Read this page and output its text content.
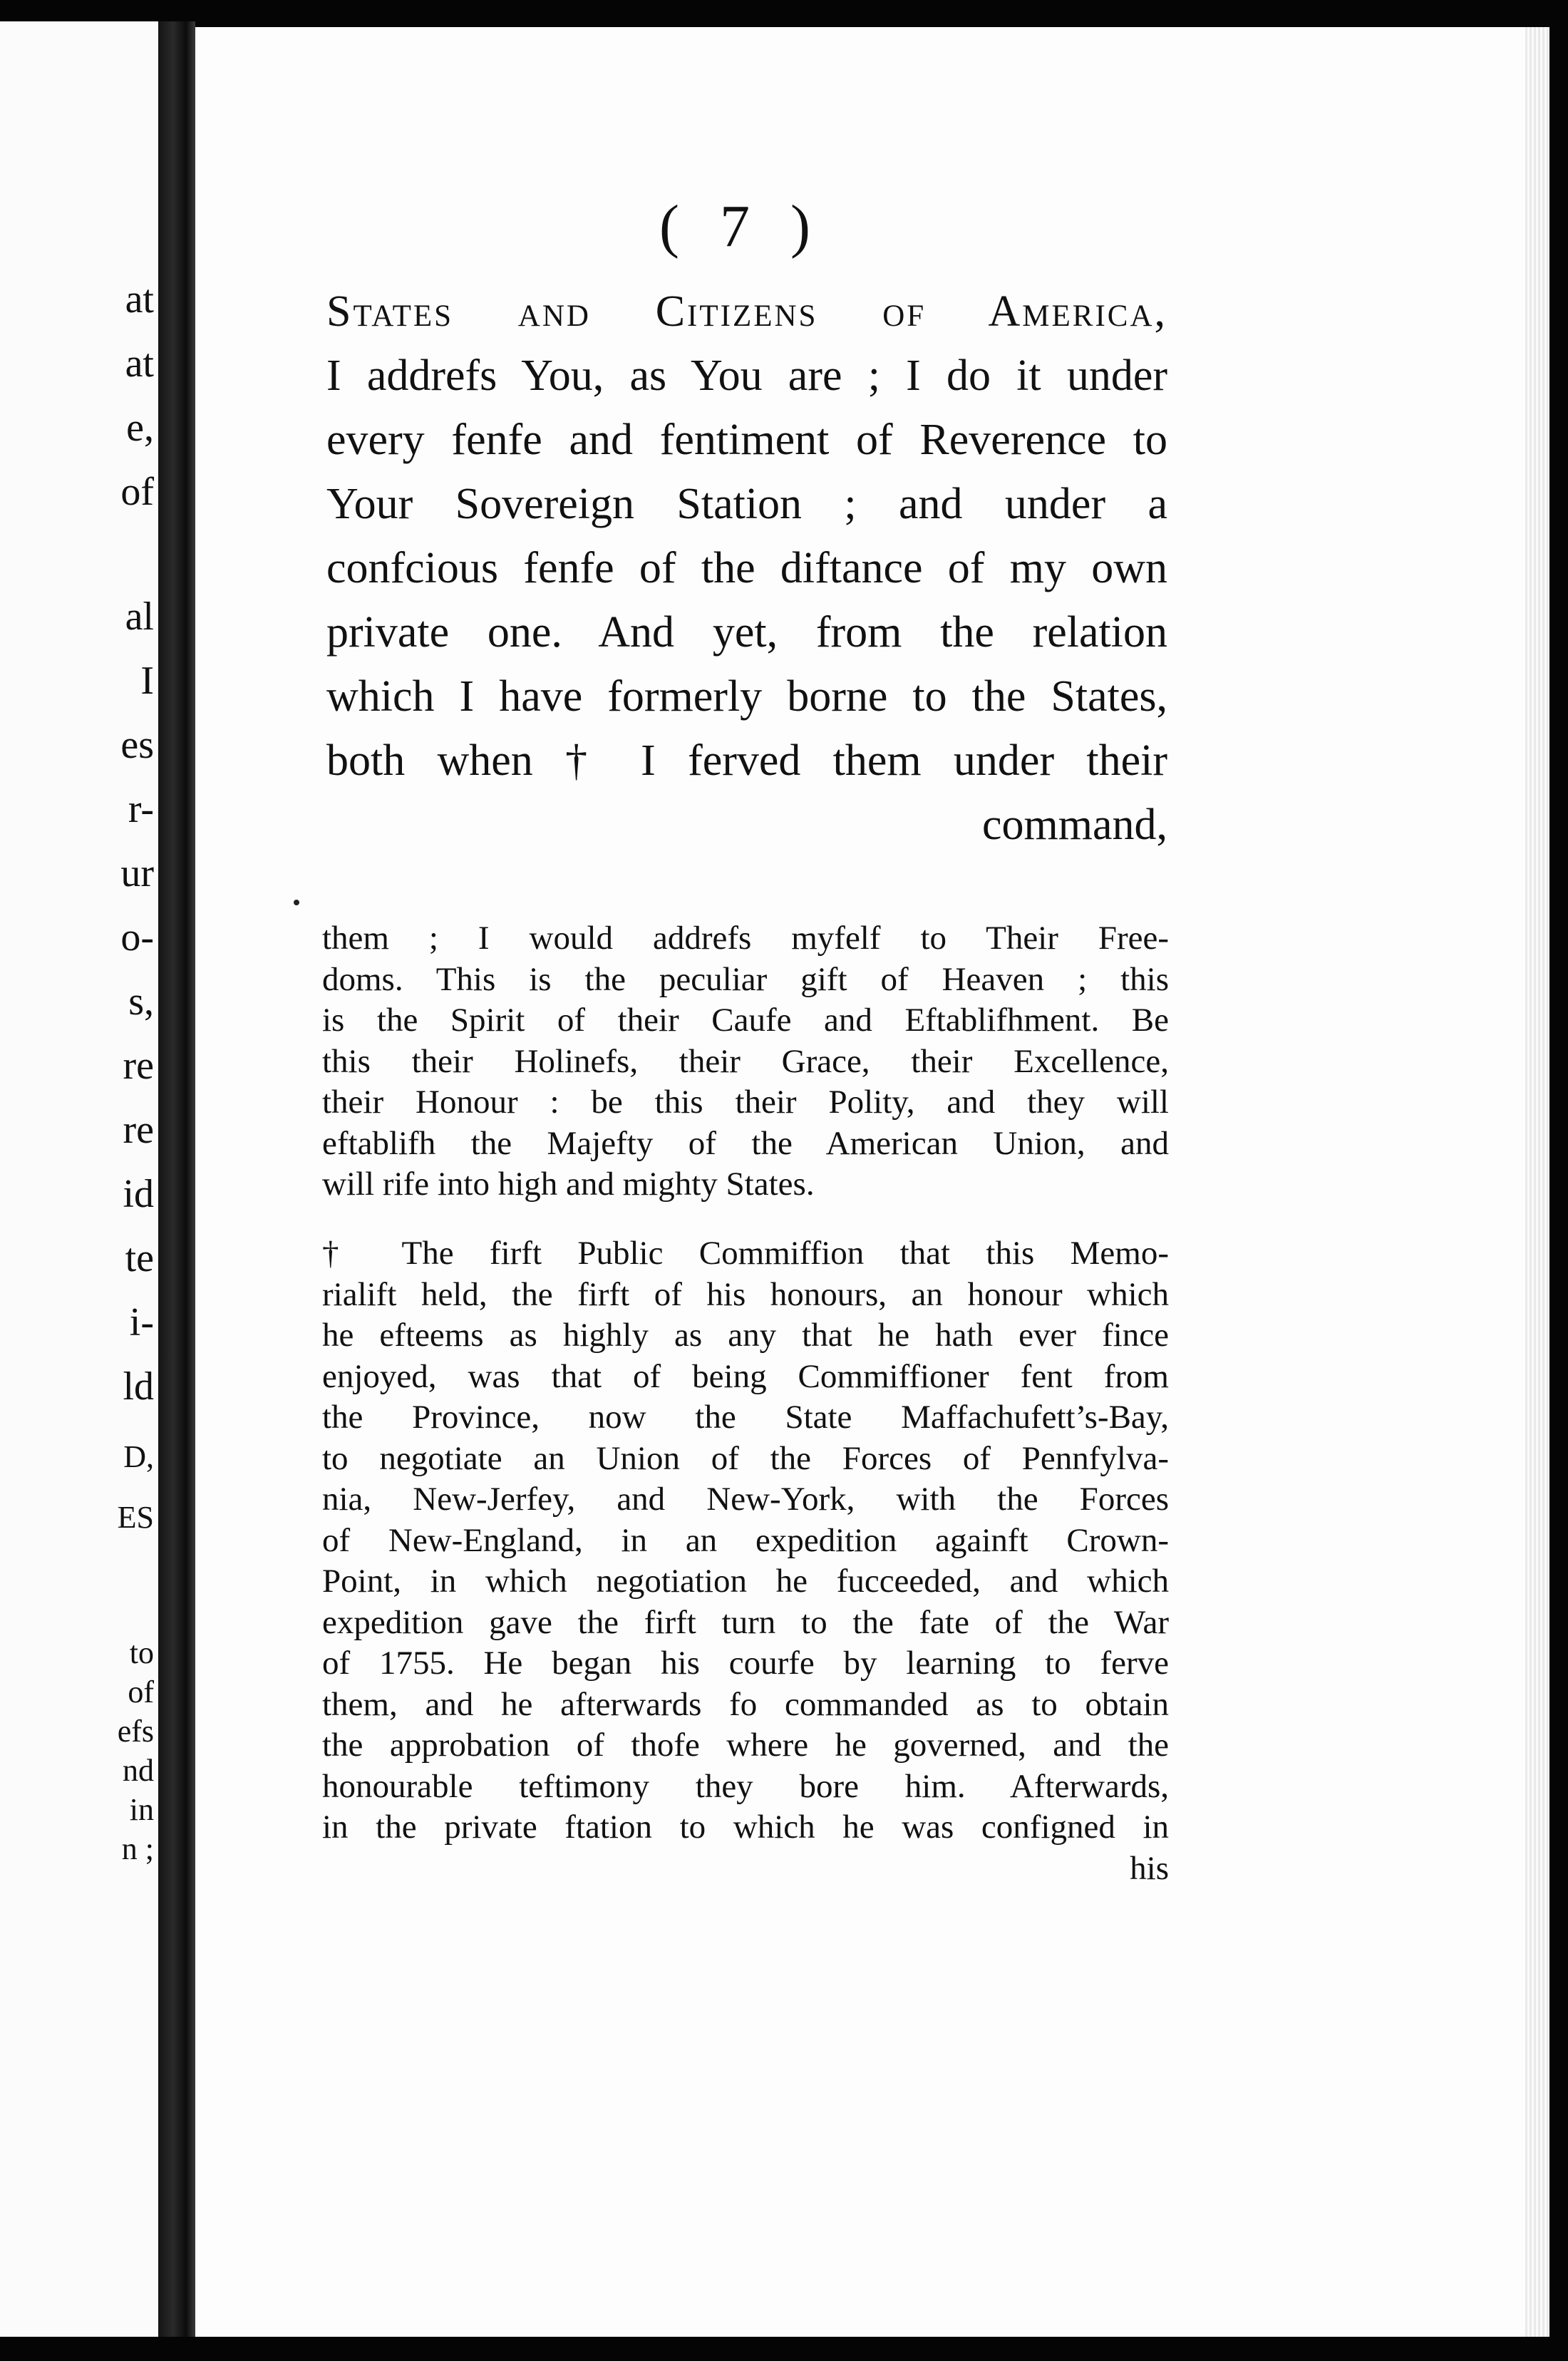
at
at
e,
of
al
I
es
r-
ur
o-
s,
re
re
id
te
i-
ld
D,
ES
to
of
efs
nd
in
n ;
( 7 )
States and Citizens of America,
I addrefs You, as You are ; I do it under
every fenfe and fentiment of Reverence to
Your Sovereign Station ; and under a
confcious fenfe of the diftance of my own
private one. And yet, from the relation
which I have formerly borne to the States,
both when † I ferved them under their
command,
them ; I would addrefs myfelf to Their Free-
doms. This is the peculiar gift of Heaven ; this
is the Spirit of their Caufe and Eftablifhment. Be
this their Holinefs, their Grace, their Excellence,
their Honour : be this their Polity, and they will
eftablifh the Majefty of the American Union, and
will rife into high and mighty States.
† The firft Public Commiffion that this Memo-
rialift held, the firft of his honours, an honour which
he efteems as highly as any that he hath ever fince
enjoyed, was that of being Commiffioner fent from
the Province, now the State Maffachufett’s-Bay,
to negotiate an Union of the Forces of Pennfylva-
nia, New-Jerfey, and New-York, with the Forces
of New-England, in an expedition againft Crown-
Point, in which negotiation he fucceeded, and which
expedition gave the firft turn to the fate of the War
of 1755. He began his courfe by learning to ferve
them, and he afterwards fo commanded as to obtain
the approbation of thofe where he governed, and the
honourable teftimony they bore him. Afterwards,
in the private ftation to which he was configned in
his
